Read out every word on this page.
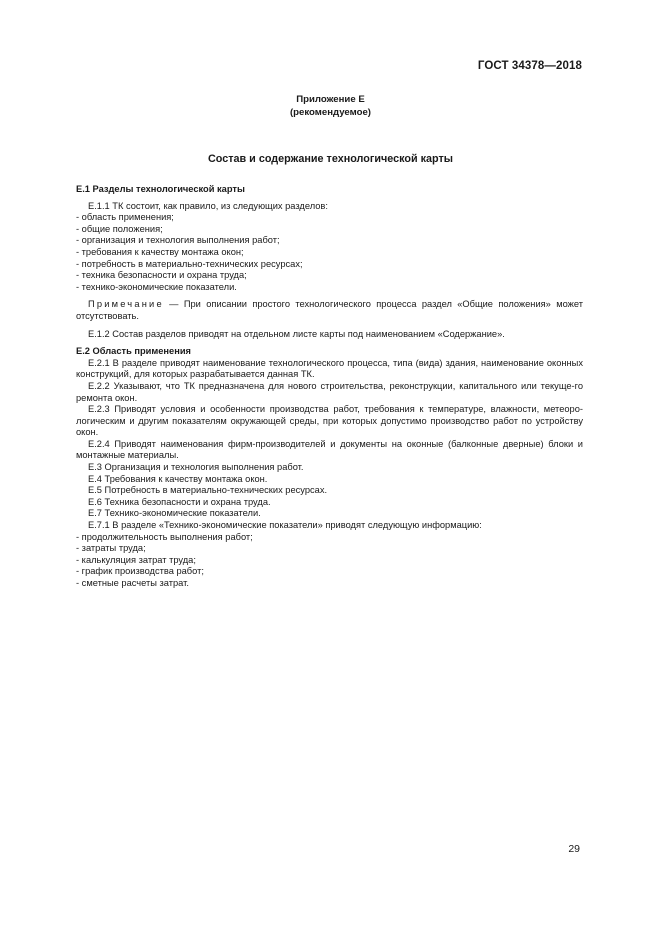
ГОСТ 34378—2018
Приложение Е
(рекомендуемое)
Состав и содержание технологической карты

Е.1 Разделы технологической карты

Е.1.1 ТК состоит, как правило, из следующих разделов:

- область применения;

- общие положения;

- организация и технология выполнения работ;

- требования к качеству монтажа окон;

- потребность в материально-технических ресурсах;

- техника безопасности и охрана труда;

- технико-экономические показатели.

Примечание — При описании простого технологического процесса раздел «Общие положения» может отсутствовать.

Е.1.2 Состав разделов приводят на отдельном листе карты под наименованием «Содержание».

Е.2 Область применения

Е.2.1 В разделе приводят наименование технологического процесса, типа (вида) здания, наименование оконных конструкций, для которых разрабатывается данная ТК.

Е.2.2 Указывают, что ТК предназначена для нового строительства, реконструкции, капитального или текуще-го ремонта окон.

Е.2.3 Приводят условия и особенности производства работ, требования к температуре, влажности, метеоро-логическим и другим показателям окружающей среды, при которых допустимо производство работ по устройству окон.

Е.2.4 Приводят наименования фирм-производителей и документы на оконные (балконные дверные) блоки и монтажные материалы.

Е.3 Организация и технология выполнения работ.

Е.4 Требования к качеству монтажа окон.

Е.5 Потребность в материально-технических ресурсах.

Е.6 Техника безопасности и охрана труда.

Е.7 Технико-экономические показатели.

Е.7.1 В разделе «Технико-экономические показатели» приводят следующую информацию:

- продолжительность выполнения работ;

- затраты труда;

- калькуляция затрат труда;

- график производства работ;

- сметные расчеты затрат.

29
